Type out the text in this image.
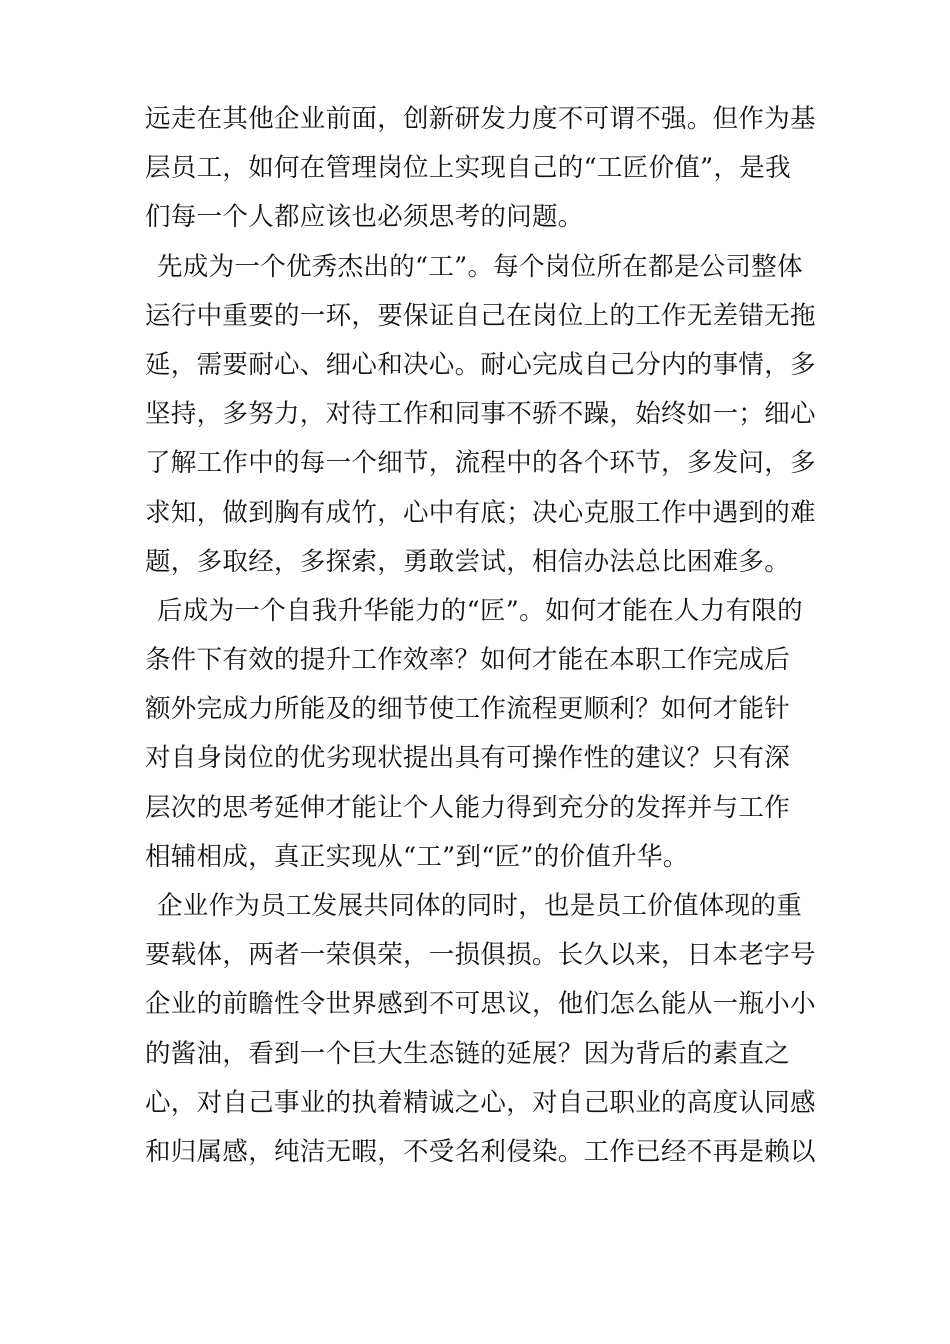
远走在其他企业前面，创新研发力度不可谓不强。但作为基
层员工，如何在管理岗位上实现自己的“工匠价值”，是我
们每一个人都应该也必须思考的问题。
先成为一个优秀杰出的“工”。每个岗位所在都是公司整体
运行中重要的一环，要保证自己在岗位上的工作无差错无拖
延，需要耐心、细心和决心。耐心完成自己分内的事情，多
坚持，多努力，对待工作和同事不骄不躁，始终如一；细心
了解工作中的每一个细节，流程中的各个环节，多发问，多
求知，做到胸有成竹，心中有底；决心克服工作中遇到的难
题，多取经，多探索，勇敢尝试，相信办法总比困难多。
后成为一个自我升华能力的“匠”。如何才能在人力有限的
条件下有效的提升工作效率？如何才能在本职工作完成后
额外完成力所能及的细节使工作流程更顺利？如何才能针
对自身岗位的优劣现状提出具有可操作性的建议？只有深
层次的思考延伸才能让个人能力得到充分的发挥并与工作
相辅相成，真正实现从“工”到“匠”的价值升华。
企业作为员工发展共同体的同时，也是员工价值体现的重
要载体，两者一荣俱荣，一损俱损。长久以来，日本老字号
企业的前瞻性令世界感到不可思议，他们怎么能从一瓶小小
的酱油，看到一个巨大生态链的延展？因为背后的素直之
心，对自己事业的执着精诚之心，对自己职业的高度认同感
和归属感，纯洁无暇，不受名利侵染。工作已经不再是赖以
